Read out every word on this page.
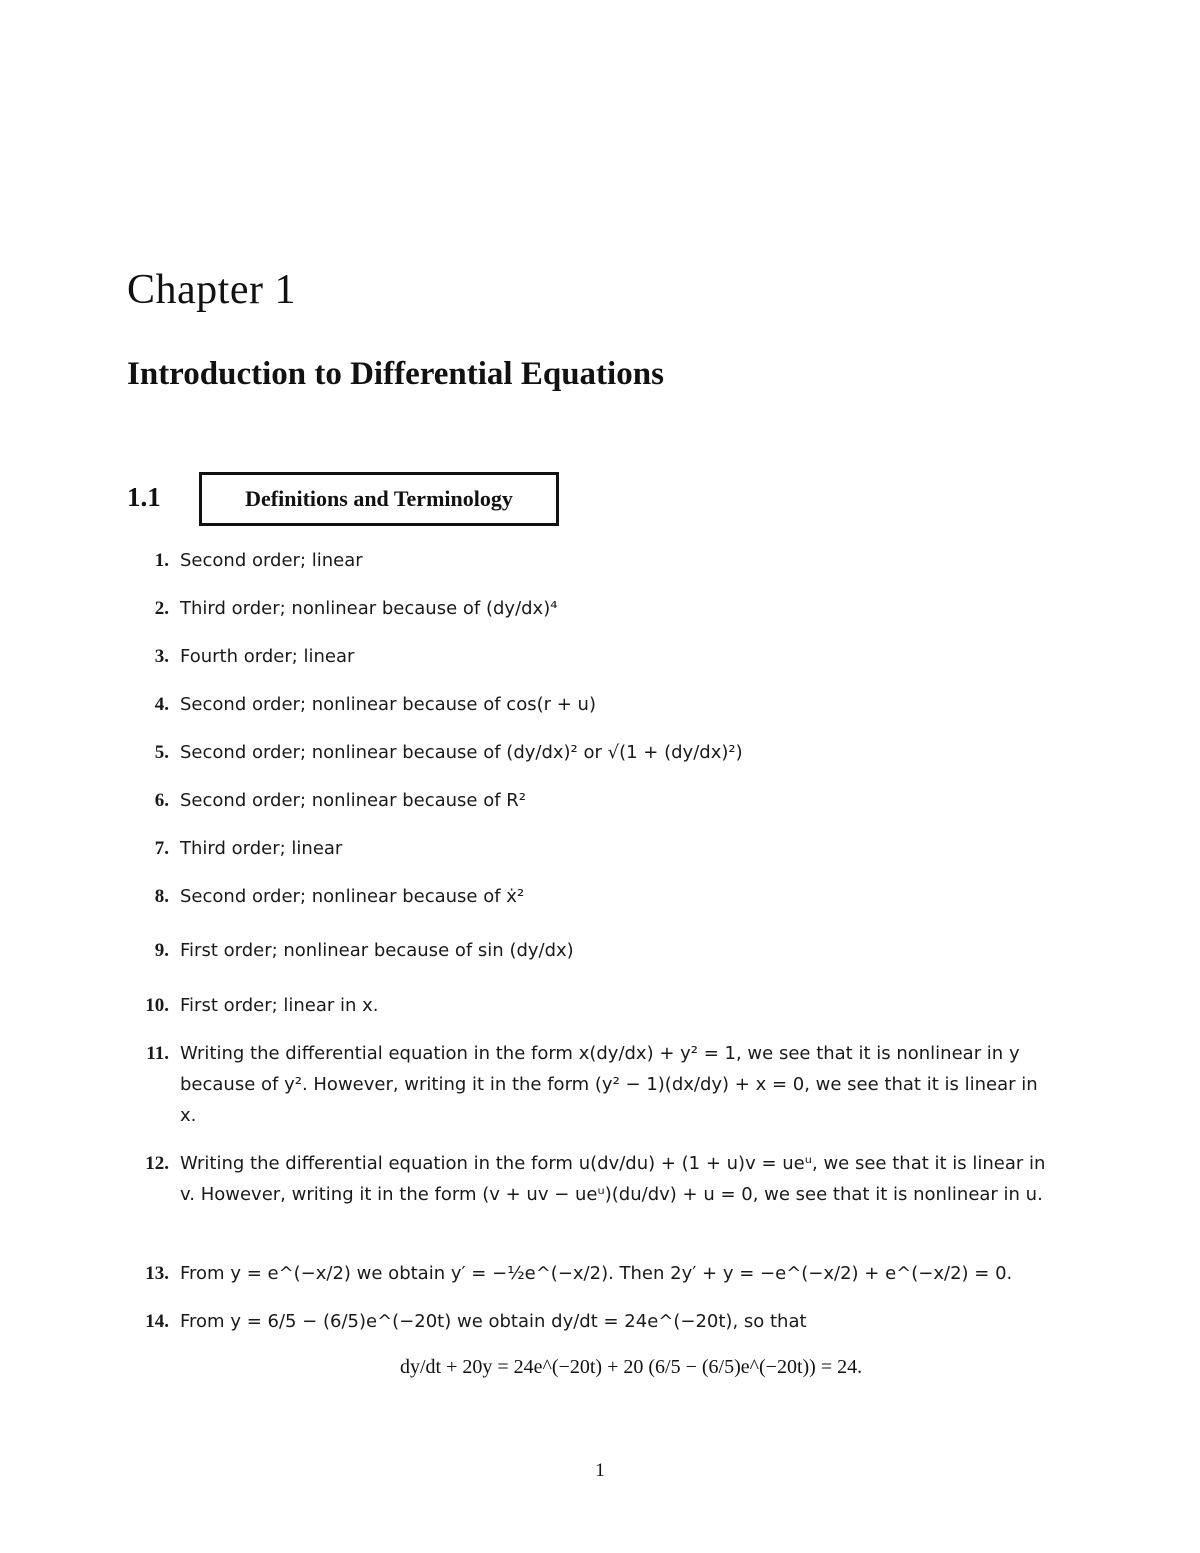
Chapter 1
Introduction to Differential Equations
1.1	Definitions and Terminology
1. Second order; linear
2. Third order; nonlinear because of (dy/dx)⁴
3. Fourth order; linear
4. Second order; nonlinear because of cos(r + u)
5. Second order; nonlinear because of (dy/dx)² or √(1 + (dy/dx)²)
6. Second order; nonlinear because of R²
7. Third order; linear
8. Second order; nonlinear because of ẋ²
9. First order; nonlinear because of sin (dy/dx)
10. First order; linear in x.
11. Writing the differential equation in the form x(dy/dx) + y² = 1, we see that it is nonlinear in y because of y². However, writing it in the form (y² − 1)(dx/dy) + x = 0, we see that it is linear in x.
12. Writing the differential equation in the form u(dv/du) + (1 + u)v = ueᵘ, we see that it is linear in v. However, writing it in the form (v + uv − ueᵘ)(du/dv) + u = 0, we see that it is nonlinear in u.
13. From y = e^(−x/2) we obtain y′ = −½e^(−x/2). Then 2y′ + y = −e^(−x/2) + e^(−x/2) = 0.
14. From y = 6/5 − (6/5)e^(−20t) we obtain dy/dt = 24e^(−20t), so that
dy/dt + 20y = 24e^(−20t) + 20 (6/5 − (6/5)e^(−20t)) = 24.
1
